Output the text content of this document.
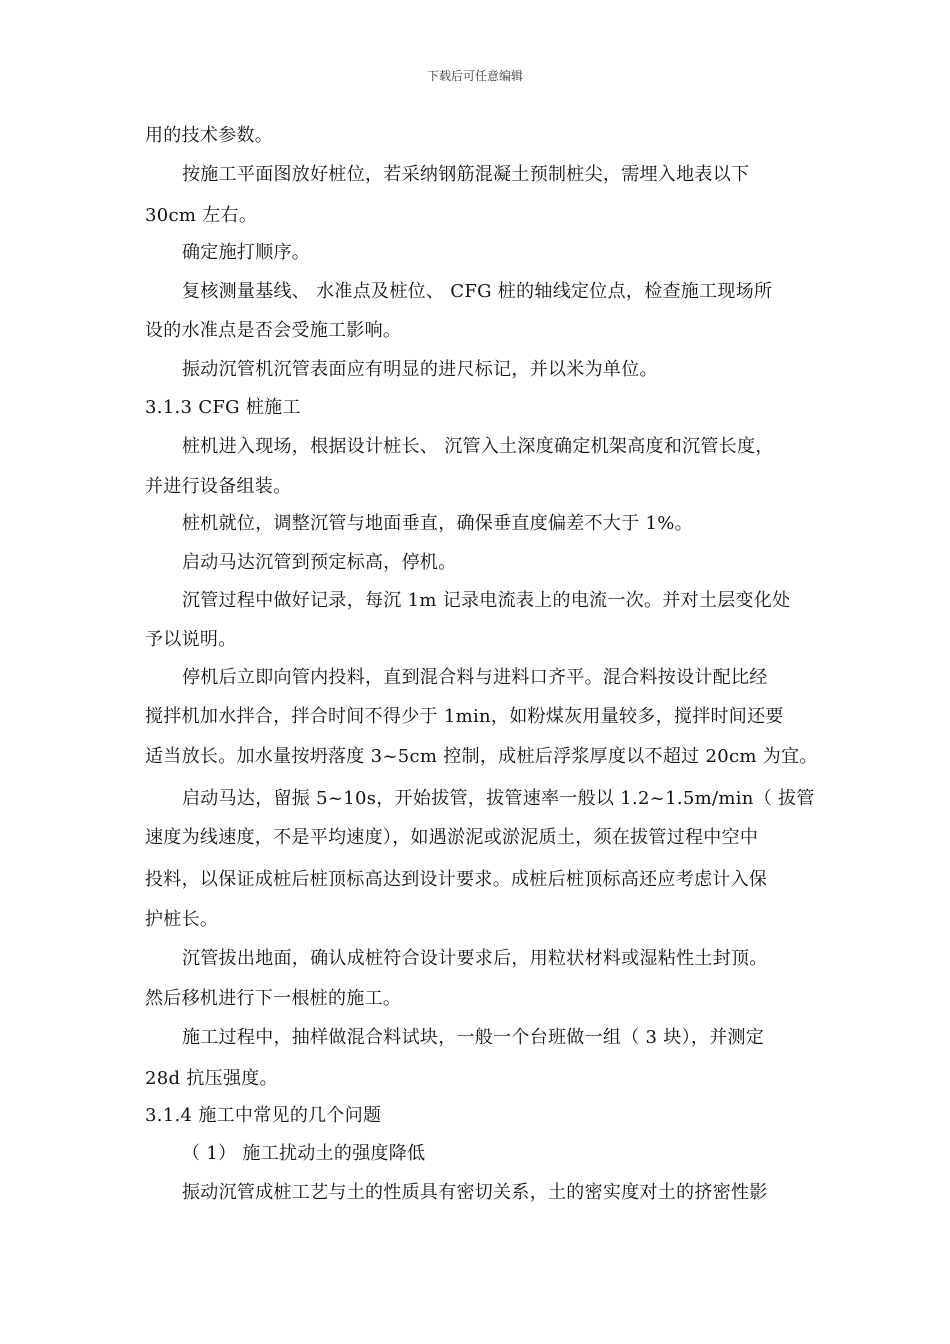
下载后可任意编辑
用的技术参数。
按施工平面图放好桩位，若采纳钢筋混凝土预制桩尖，需埋入地表以下
30cm 左右。
确定施打顺序。
复核测量基线、 水准点及桩位、 CFG 桩的轴线定位点，检查施工现场所
设的水准点是否会受施工影响。
振动沉管机沉管表面应有明显的进尺标记，并以米为单位。
3.1.3 CFG 桩施工
桩机进入现场，根据设计桩长、 沉管入土深度确定机架高度和沉管长度，
并进行设备组装。
桩机就位，调整沉管与地面垂直，确保垂直度偏差不大于 1%。
启动马达沉管到预定标高，停机。
沉管过程中做好记录，每沉 1m 记录电流表上的电流一次。并对土层变化处
予以说明。
停机后立即向管内投料，直到混合料与进料口齐平。混合料按设计配比经
搅拌机加水拌合，拌合时间不得少于 1min，如粉煤灰用量较多，搅拌时间还要
适当放长。加水量按坍落度 3~5cm 控制，成桩后浮浆厚度以不超过 20cm 为宜。
启动马达，留振 5~10s，开始拔管，拔管速率一般以 1.2~1.5m/min（ 拔管
速度为线速度，不是平均速度），如遇淤泥或淤泥质土，须在拔管过程中空中
投料，以保证成桩后桩顶标高达到设计要求。成桩后桩顶标高还应考虑计入保
护桩长。
沉管拔出地面，确认成桩符合设计要求后，用粒状材料或湿粘性土封顶。
然后移机进行下一根桩的施工。
施工过程中，抽样做混合料试块，一般一个台班做一组（ 3 块），并测定
28d 抗压强度。
3.1.4 施工中常见的几个问题
（ 1） 施工扰动土的强度降低
振动沉管成桩工艺与土的性质具有密切关系，土的密实度对土的挤密性影
